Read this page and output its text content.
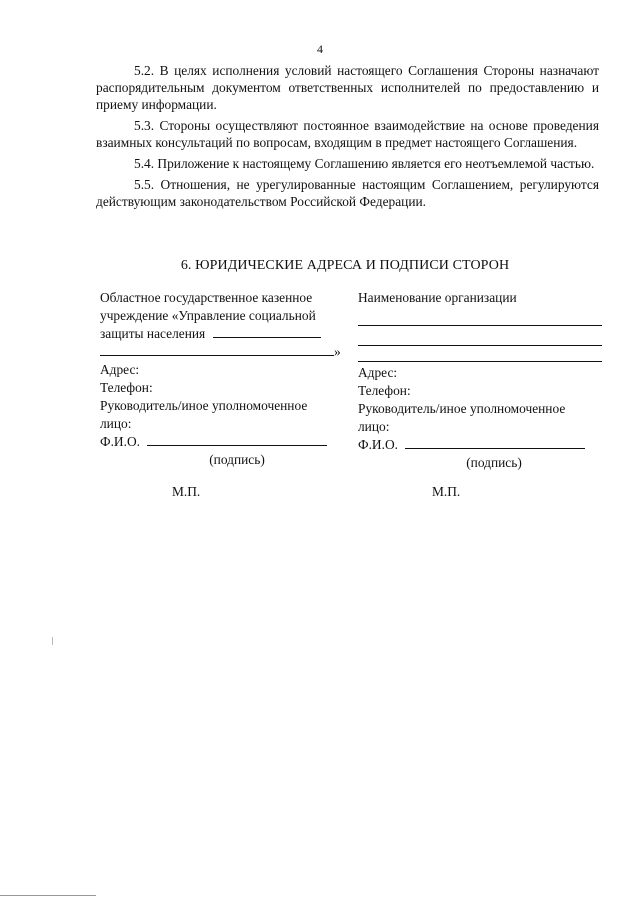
4

5.2. В целях исполнения условий настоящего Соглашения Стороны назначают распорядительным документом ответственных исполнителей по предоставлению и приему информации.

5.3. Стороны осуществляют постоянное взаимодействие на основе проведения взаимных консультаций по вопросам, входящим в предмет настоящего Соглашения.

5.4. Приложение к настоящему Соглашению является его неотъемлемой частью.

5.5. Отношения, не урегулированные настоящим Соглашением, регулируются действующим законодательством Российской Федерации.

6. ЮРИДИЧЕСКИЕ АДРЕСА И ПОДПИСИ СТОРОН
Областное государственное казенное
учреждение «Управление социальной
защиты населения
»
Адрес:
Телефон:
Руководитель/иное уполномоченное
лицо:
Ф.И.О.
(подпись)
Наименование организации
Адрес:
Телефон:
Руководитель/иное уполномоченное
лицо:
Ф.И.О.
(подпись)
М.П.	М.П.
